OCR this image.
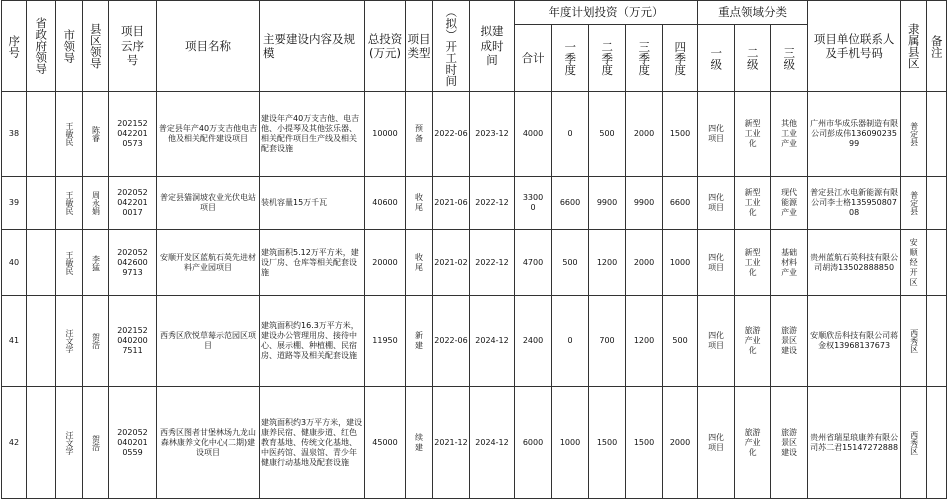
序号	省政府领导	市领导	县区领导	项目云序号	项目名称	主要建设内容及规模	总投资(万元)	项目类型	（拟）开工时间	拟建成时间	年度计划投资（万元）					重点领域分类			项目单位联系人及手机号码	隶属县区	备注

											合计	一季度	二季度	三季度	四季度	一级	二级	三级			

38		王敏民	陈睿	2021520422010573	普定县年产40万支吉他电吉他及相关配件建设项目	建设年产40万支吉他、电吉他、小提琴及其他弦乐器、相关配件项目生产线及相关配套设施	10000	预备	2022-06	2023-12	4000	0	500	2000	1500	四化项目	新型工业化	其他工业产业	广州市华成乐器制造有限公司彭成伟13609023599	普定县	

39		王敏民	周永娟	2020520422010017	普定县猫洞坡农业光伏电站项目	装机容量15万千瓦	40600	收尾	2021-06	2022-12	33000	6600	9900	9900	6600	四化项目	新型工业化	现代能源产业	普定县江水电新能源有限公司李士格13595080708	普定县	

40		王敏民	李猛	2020520426009713	安顺开发区蓝航石英先进材料产业园项目	建筑面积5.12万平方米，建设厂房、仓库等相关配套设施	20000	收尾	2021-02	2022-12	4700	500	1200	2000	1000	四化项目	新型工业化	基础材料产业	贵州蓝航石英科技有限公司胡涛13502888850	安顺经开区	

41		汪文学	贺浩	2021520402007511	西秀区欣悦草莓示范园区项目	建筑面积约16.3万平方米，建设办公管理用房、接待中心、展示棚、种植棚、民宿房、道路等及相关配套设施	11950	新建	2022-06	2024-12	2400	0	700	1200	500	四化项目	旅游产业化	旅游景区建设	安顺欣岳科技有限公司蒋金权13968137673	西秀区	

42		汪文学	贺浩	2020520402010559	西秀区图者甘堡林场九龙山森林康养文化中心(二期)建设项目	建筑面积约3万平方米，建设康养民宿、健康步道、红色教育基地、传统文化基地、中医药馆、温泉馆、青少年健康行动基地及配套设施	45000	续建	2021-12	2024-12	6000	1000	1500	1500	2000	四化项目	旅游产业化	旅游景区建设	贵州省瑞星琅康养有限公司苏二君15147272888	西秀区	
